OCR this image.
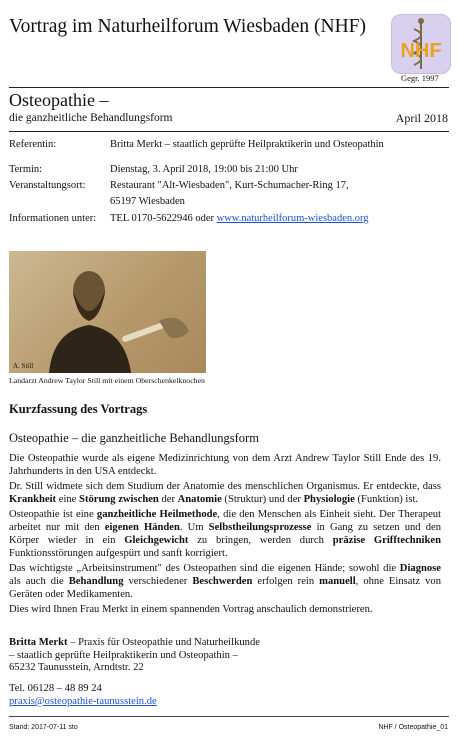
Vortrag im Naturheilforum Wiesbaden (NHF)
NHF
Gegr. 1997
Osteopathie –
die ganzheitliche Behandlungsform	April 2018
Referentin:	Britta Merkt – staatlich geprüfte Heilpraktikerin und Osteopathin
Termin:	Dienstag, 3. April 2018, 19:00 bis 21:00 Uhr
Veranstaltungsort: Restaurant "Alt-Wiesbaden", Kurt-Schumacher-Ring 17,
65197 Wiesbaden
Informationen unter: TEL 0170-5622946 oder www.naturheilforum-wiesbaden.org
A. Still
Landarzt Andrew Taylor Still mit einem Oberschenkelknochen
Kurzfassung des Vortrags
Osteopathie – die ganzheitliche Behandlungsform

Die Osteopathie wurde als eigene Medizinrichtung von dem Arzt Andrew Taylor Still Ende des 19. Jahrhunderts in den USA entdeckt.

Dr. Still widmete sich dem Studium der Anatomie des menschlichen Organismus. Er entdeckte, dass Krankheit eine Störung zwischen der Anatomie (Struktur) und der Physiologie (Funktion) ist.

Osteopathie ist eine ganzheitliche Heilmethode, die den Menschen als Einheit sieht. Der Therapeut arbeitet nur mit den eigenen Händen. Um Selbstheilungsprozesse in Gang zu setzen und den Körper wieder in ein Gleichgewicht zu bringen, werden durch präzise Grifftechniken Funktionsstörungen aufgespürt und sanft korrigiert.

Das wichtigste „Arbeitsinstrument" des Osteopathen sind die eigenen Hände; sowohl die Diagnose als auch die Behandlung verschiedener Beschwerden erfolgen rein manuell, ohne Einsatz von Geräten oder Medikamenten.

Dies wird Ihnen Frau Merkt in einem spannenden Vortrag anschaulich demonstrieren.

Britta Merkt – Praxis für Osteopathie und Naturheilkunde
– staatlich geprüfte Heilpraktikerin und Osteopathin –
65232 Taunusstein, Arndtstr. 22
Tel. 06128 – 48 89 24
praxis@osteopathie-taunusstein.de
Stand: 2017-07-11 sto	NHF / Osteopathie_01
